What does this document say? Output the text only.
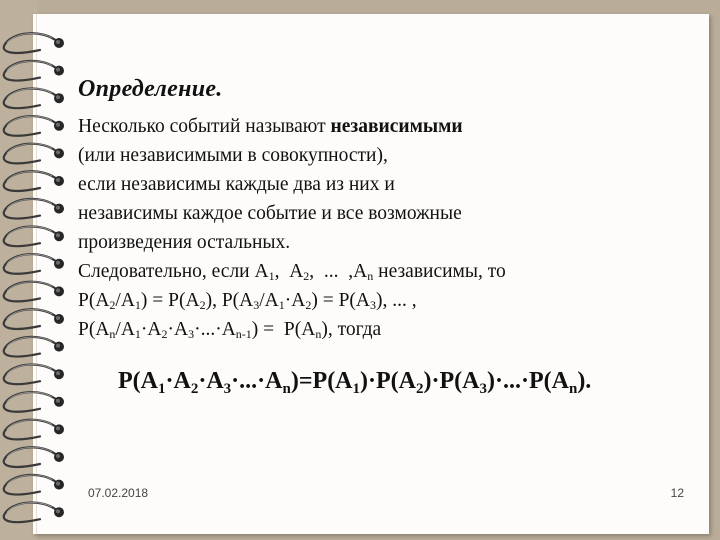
Определение.

Несколько событий называют независимыми
(или независимыми в совокупности),
если независимы каждые два из них и
независимы каждое событие и все возможные
произведения остальных.
Следовательно, если $А_1$,  $А_2$,  ...  $,А_n$ независимы, то
$Р(А_2/А_1) = Р(А_2)$, $Р(А_3/А_1\cdot А_2) = Р(А_3)$, ... ,
$Р(А_n/А_1\cdot А_2\cdot А_3\cdot...\cdot А_{n-1}) = Р(А_n)$, тогда
$P(A_1\cdot A_2\cdot A_3\cdot...\cdot A_n)=P(A_1)\cdot P(A_2)\cdot P(A_3)\cdot...\cdot P(A_n)$.
07.02.2018	12
